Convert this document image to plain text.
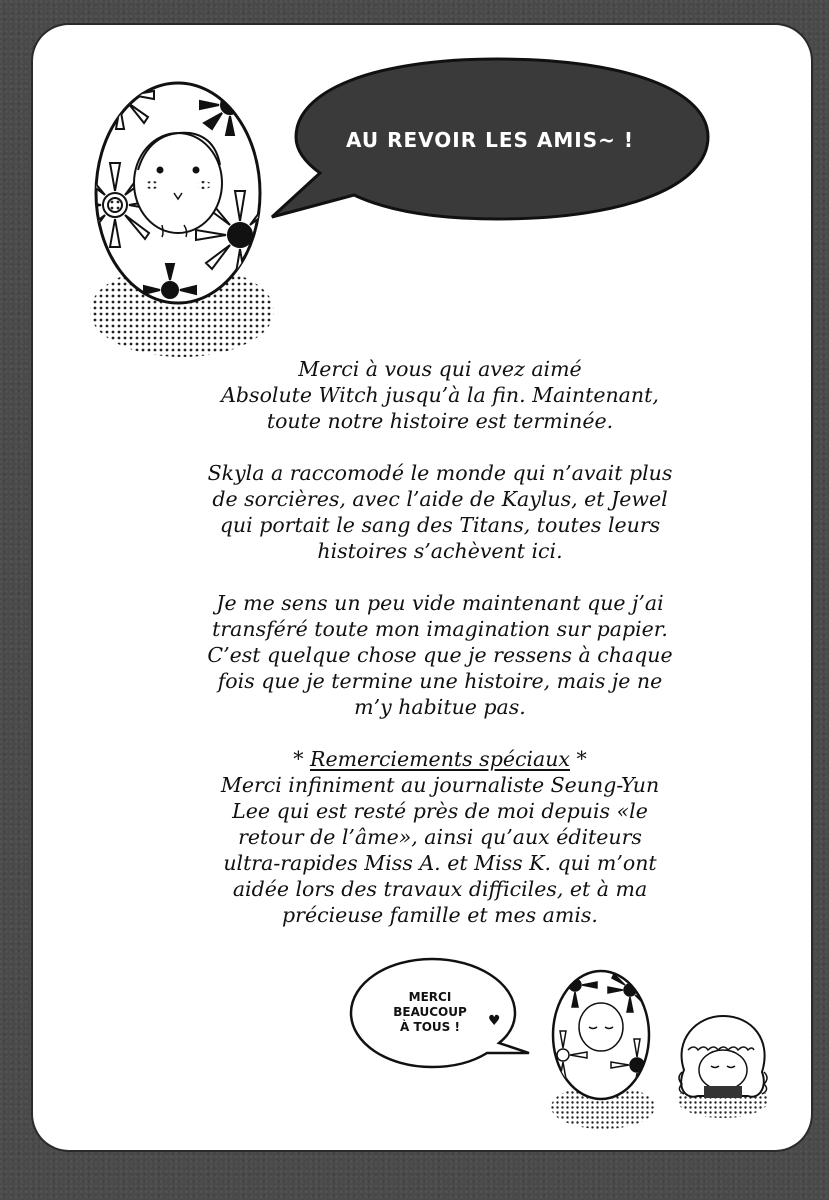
AU REVOIR LES AMIS~ !

Merci à vous qui avez aimé
Absolute Witch jusqu’à la fin. Maintenant,
toute notre histoire est terminée.

Skyla a raccomodé le monde qui n’avait plus
de sorcières, avec l’aide de Kaylus, et Jewel
qui portait le sang des Titans, toutes leurs
histoires s’achèvent ici.

Je me sens un peu vide maintenant que j’ai
transféré toute mon imagination sur papier.
C’est quelque chose que je ressens à chaque
fois que je termine une histoire, mais je ne
m’y habitue pas.

* Remerciements spéciaux *
Merci infiniment au journaliste Seung-Yun
Lee qui est resté près de moi depuis «le
retour de l’âme», ainsi qu’aux éditeurs
ultra-rapides Miss A. et Miss K. qui m’ont
aidée lors des travaux difficiles, et à ma
précieuse famille et mes amis.

MERCI
BEAUCOUP
À TOUS !	♥
